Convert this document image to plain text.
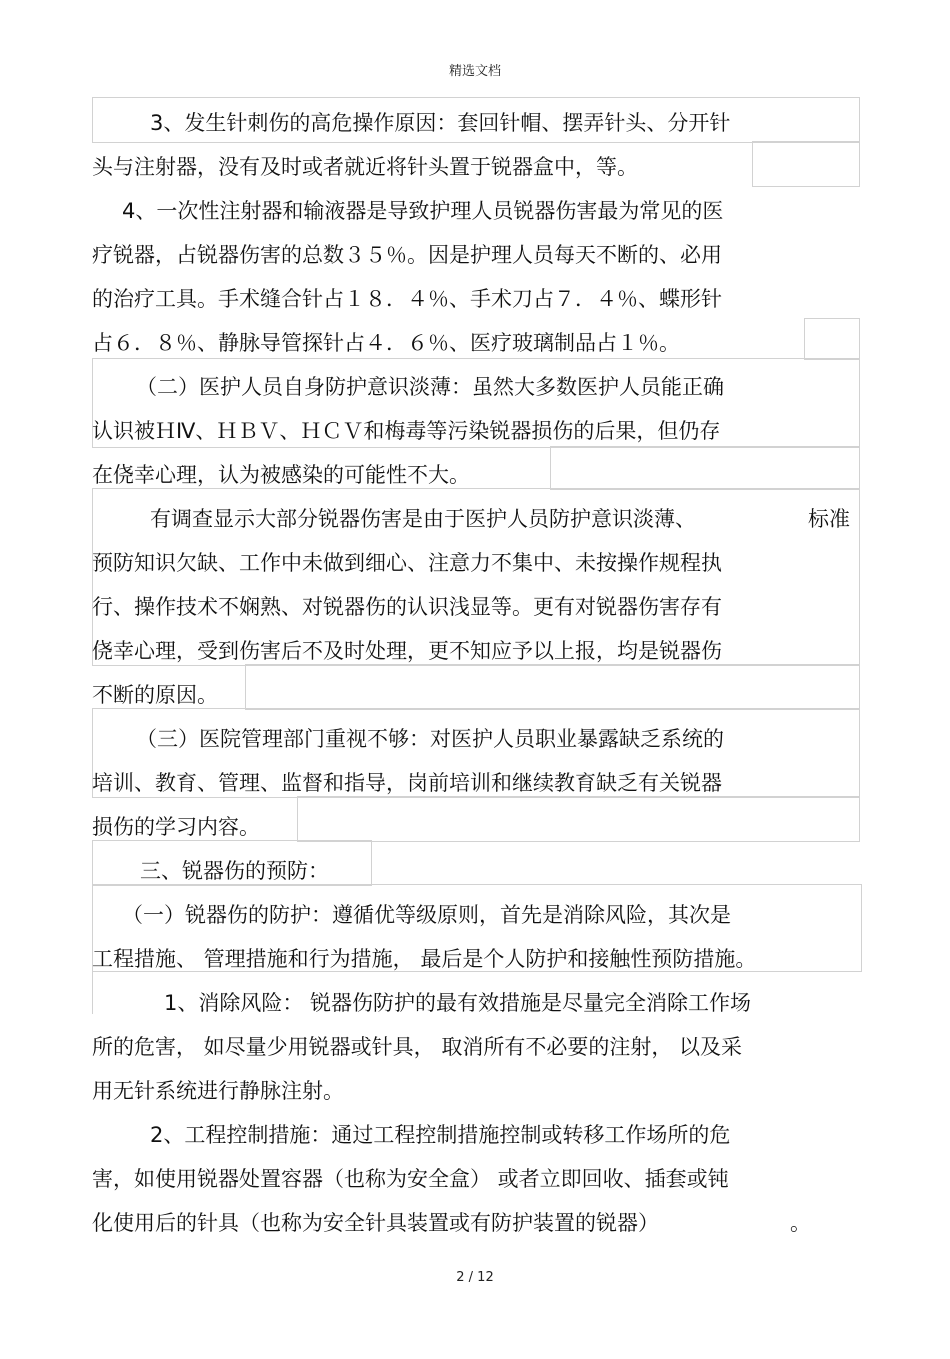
精选文档
3、发生针刺伤的高危操作原因：套回针帽、摆弄针头、分开针
头与注射器，没有及时或者就近将针头置于锐器盒中，等。
4、一次性注射器和输液器是导致护理人员锐器伤害最为常见的医
疗锐器，占锐器伤害的总数３５％。因是护理人员每天不断的、必用
的治疗工具。手术缝合针占１８．４％、手术刀占７．４％、蝶形针
占６．８％、静脉导管探针占４．６％、医疗玻璃制品占１％。
（二）医护人员自身防护意识淡薄：虽然大多数医护人员能正确
认识被ＨⅣ、ＨＢＶ、ＨＣＶ和梅毒等污染锐器损伤的后果，但仍存
在侥幸心理，认为被感染的可能性不大。
有调查显示大部分锐器伤害是由于医护人员防护意识淡薄、	标准
预防知识欠缺、工作中未做到细心、注意力不集中、未按操作规程执
行、操作技术不娴熟、对锐器伤的认识浅显等。更有对锐器伤害存有
侥幸心理，受到伤害后不及时处理，更不知应予以上报，均是锐器伤
不断的原因。
（三）医院管理部门重视不够：对医护人员职业暴露缺乏系统的
培训、教育、管理、监督和指导，岗前培训和继续教育缺乏有关锐器
损伤的学习内容。
三、锐器伤的预防：
（一）锐器伤的防护：遵循优等级原则，首先是消除风险，其次是
工程措施、 管理措施和行为措施， 最后是个人防护和接触性预防措施。
1、消除风险： 锐器伤防护的最有效措施是尽量完全消除工作场
所的危害， 如尽量少用锐器或针具， 取消所有不必要的注射， 以及采
用无针系统进行静脉注射。
2、工程控制措施：通过工程控制措施控制或转移工作场所的危
害，如使用锐器处置容器（也称为安全盒） 或者立即回收、插套或钝
化使用后的针具（也称为安全针具装置或有防护装置的锐器）	。
2 / 12
